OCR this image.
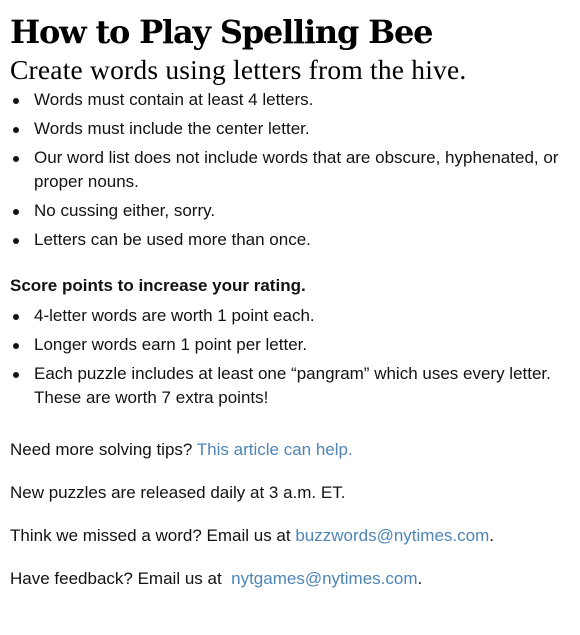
How to Play Spelling Bee
Create words using letters from the hive.
Words must contain at least 4 letters.
Words must include the center letter.
Our word list does not include words that are obscure, hyphenated, or proper nouns.
No cussing either, sorry.
Letters can be used more than once.

Score points to increase your rating.

4-letter words are worth 1 point each.
Longer words earn 1 point per letter.
Each puzzle includes at least one “pangram” which uses every letter. These are worth 7 extra points!

Need more solving tips? This article can help.

New puzzles are released daily at 3 a.m. ET.

Think we missed a word? Email us at buzzwords@nytimes.com.

Have feedback? Email us at  nytgames@nytimes.com.
